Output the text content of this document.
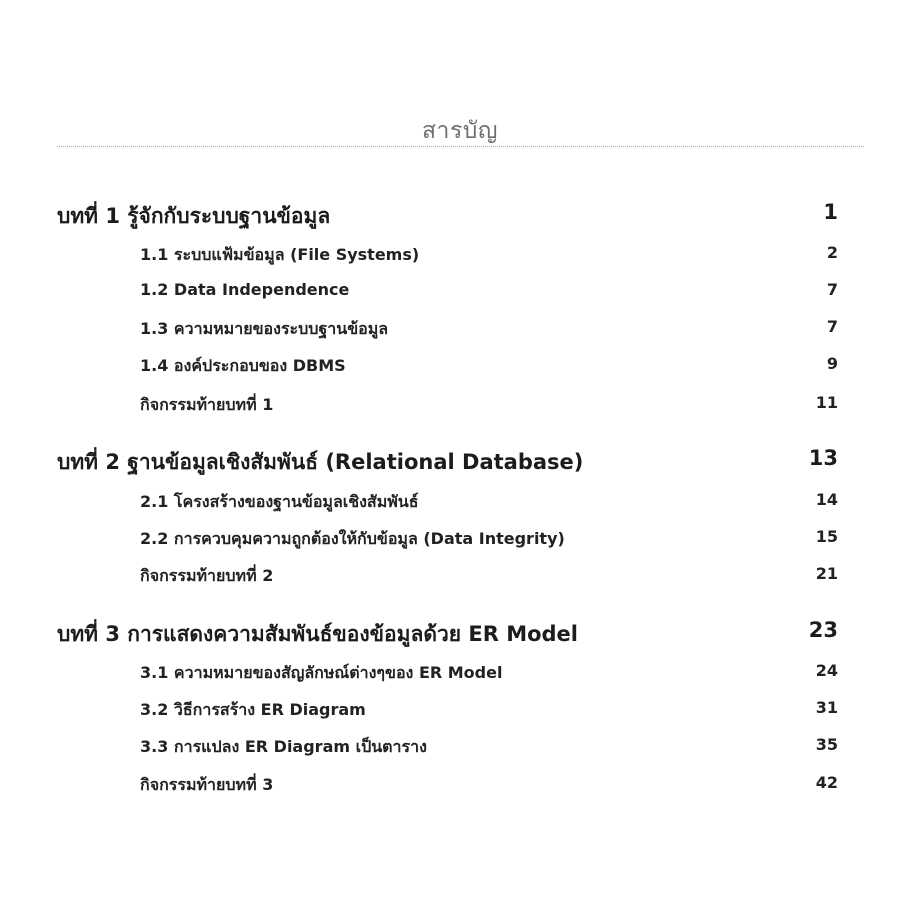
สารบัญ
บทที่ 1 รู้จักกับระบบฐานข้อมูล	1
1.1 ระบบแฟ้มข้อมูล (File Systems)	2
1.2 Data Independence	7
1.3 ความหมายของระบบฐานข้อมูล	7
1.4 องค์ประกอบของ DBMS	9
กิจกรรมท้ายบทที่ 1	11
บทที่ 2 ฐานข้อมูลเชิงสัมพันธ์ (Relational Database)	13
2.1 โครงสร้างของฐานข้อมูลเชิงสัมพันธ์	14
2.2 การควบคุมความถูกต้องให้กับข้อมูล (Data Integrity)	15
กิจกรรมท้ายบทที่ 2	21
บทที่ 3 การแสดงความสัมพันธ์ของข้อมูลด้วย ER Model	23
3.1 ความหมายของสัญลักษณ์ต่างๆของ ER Model	24
3.2 วิธีการสร้าง ER Diagram	31
3.3 การแปลง ER Diagram เป็นตาราง	35
กิจกรรมท้ายบทที่ 3	42
